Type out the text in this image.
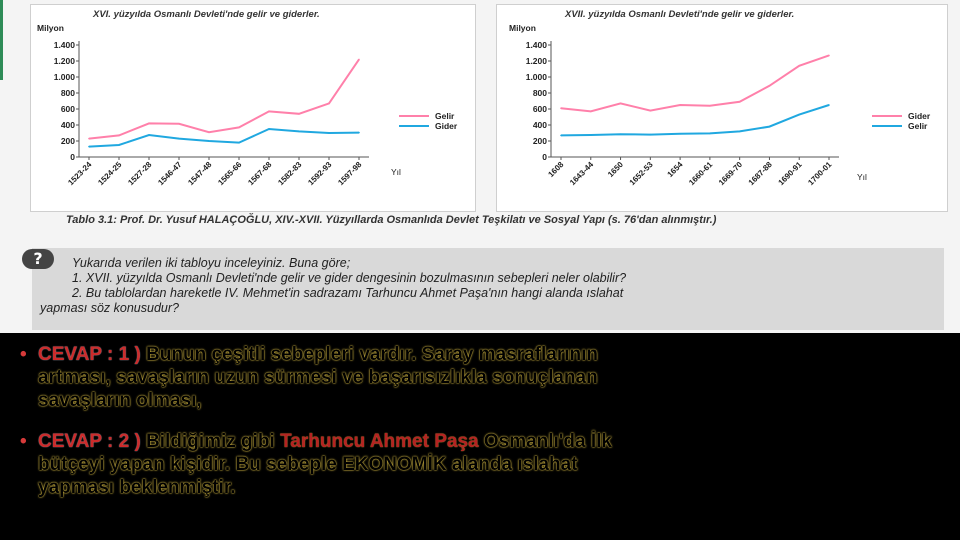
XVI. yüzyılda Osmanlı Devleti'nde gelir ve giderler.
Milyon
Yıl
1.400
1.200
1.000
800
600
400
200
0
1523-24 1524-25 1527-28 1546-47 1547-48 1565-66 1567-68 1582-83 1592-93 1597-98
Gelir
Gider
XVII. yüzyılda Osmanlı Devleti'nde gelir ve giderler.
Milyon
Yıl
1.400
1.200
1.000
800
600
400
200
0
1608 1643-44 1650 1652-53 1654 1660-61 1669-70 1687-88 1690-91 1700-01
Gider
Gelir
Tablo 3.1: Prof. Dr. Yusuf HALAÇOĞLU, XIV.-XVII. Yüzyıllarda Osmanlıda Devlet Teşkilatı ve Sosyal Yapı (s. 76'dan alınmıştır.)
?	Yukarıda verilen iki tabloyu inceleyiniz. Buna göre;
1. XVII. yüzyılda Osmanlı Devleti'nde gelir ve gider dengesinin bozulmasının sebepleri neler olabilir?
2. Bu tablolardan hareketle IV. Mehmet'in sadrazamı Tarhuncu Ahmet Paşa'nın hangi alanda ıslahat
yapması söz konusudur?
• CEVAP : 1 ) Bunun çeşitli sebepleri vardır. Saray masraflarının
artması, savaşların uzun sürmesi ve başarısızlıkla sonuçlanan
savaşların olması,
• CEVAP : 2 ) Bildiğimiz gibi Tarhuncu Ahmet Paşa Osmanlı'da İlk
bütçeyi yapan kişidir. Bu sebeple EKONOMİK alanda ıslahat
yapması beklenmiştir.
